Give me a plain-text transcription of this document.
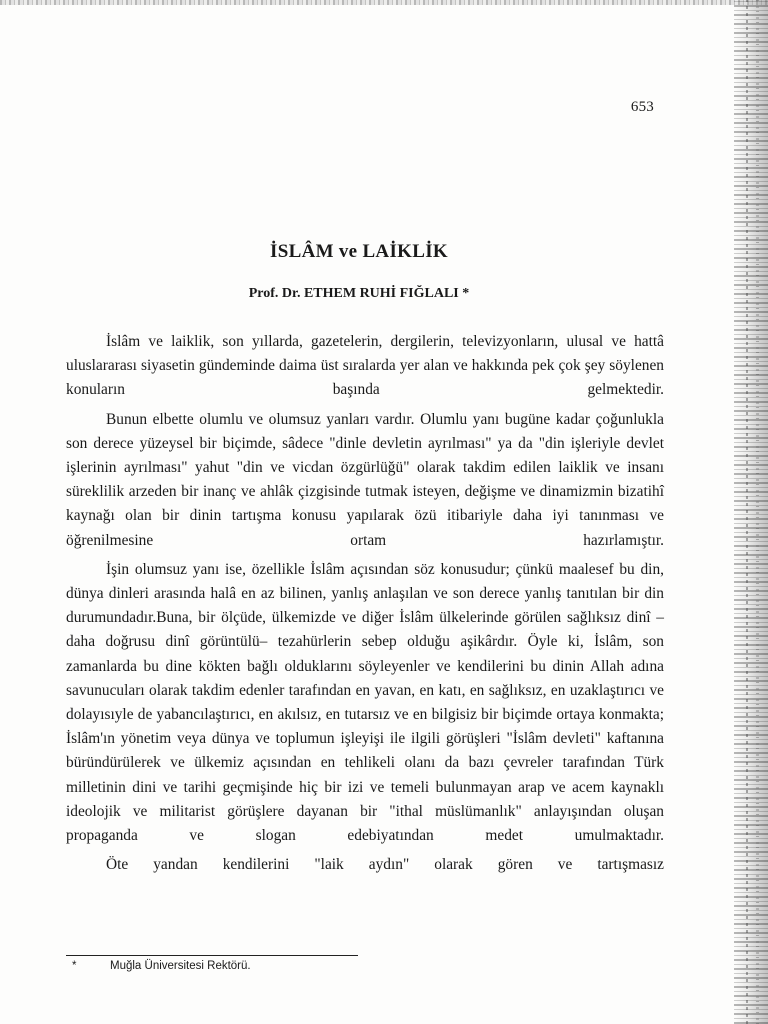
653
İSLÂM ve LAİKLİK
Prof. Dr. ETHEM RUHİ FIĞLALI *

İslâm ve laiklik, son yıllarda, gazetelerin, dergilerin, televizyonların, ulusal ve hattâ uluslararası siyasetin gündeminde daima üst sıralarda yer alan ve hakkında pek çok şey söylenen konuların başında gelmektedir.

Bunun elbette olumlu ve olumsuz yanları vardır. Olumlu yanı bugüne kadar çoğunlukla son derece yüzeysel bir biçimde, sâdece "dinle devletin ayrılması" ya da "din işleriyle devlet işlerinin ayrılması" yahut "din ve vicdan özgürlüğü" olarak takdim edilen laiklik ve insanı süreklilik arzeden bir inanç ve ahlâk çizgisinde tutmak isteyen, değişme ve dinamizmin bizatihî kaynağı olan bir dinin tartışma konusu yapılarak özü itibariyle daha iyi tanınması ve öğrenilmesine ortam hazırlamıştır.

İşin olumsuz yanı ise, özellikle İslâm açısından söz konusudur; çünkü maalesef bu din, dünya dinleri arasında halâ en az bilinen, yanlış anlaşılan ve son derece yanlış tanıtılan bir din durumundadır.Buna, bir ölçüde, ülkemizde ve diğer İslâm ülkelerinde görülen sağlıksız dinî –daha doğrusu dinî görüntülü– tezahürlerin sebep olduğu aşikârdır. Öyle ki, İslâm, son zamanlarda bu dine kökten bağlı olduklarını söyleyenler ve kendilerini bu dinin Allah adına savunucuları olarak takdim edenler tarafından en yavan, en katı, en sağlıksız, en uzaklaştırıcı ve dolayısıyle de yabancılaştırıcı, en akılsız, en tutarsız ve en bilgisiz bir biçimde ortaya konmakta; İslâm'ın yönetim veya dünya ve toplumun işleyişi ile ilgili görüşleri "İslâm devleti" kaftanına büründürülerek ve ülkemiz açısından en tehlikeli olanı da bazı çevreler tarafından Türk milletinin dini ve tarihi geçmişinde hiç bir izi ve temeli bulunmayan arap ve acem kaynaklı ideolojik ve militarist görüşlere dayanan bir "ithal müslümanlık" anlayışından oluşan propaganda ve slogan edebiyatından medet umulmaktadır.

Öte yandan kendilerini "laik aydın" olarak gören ve tartışmasız

*	Muğla Üniversitesi Rektörü.
